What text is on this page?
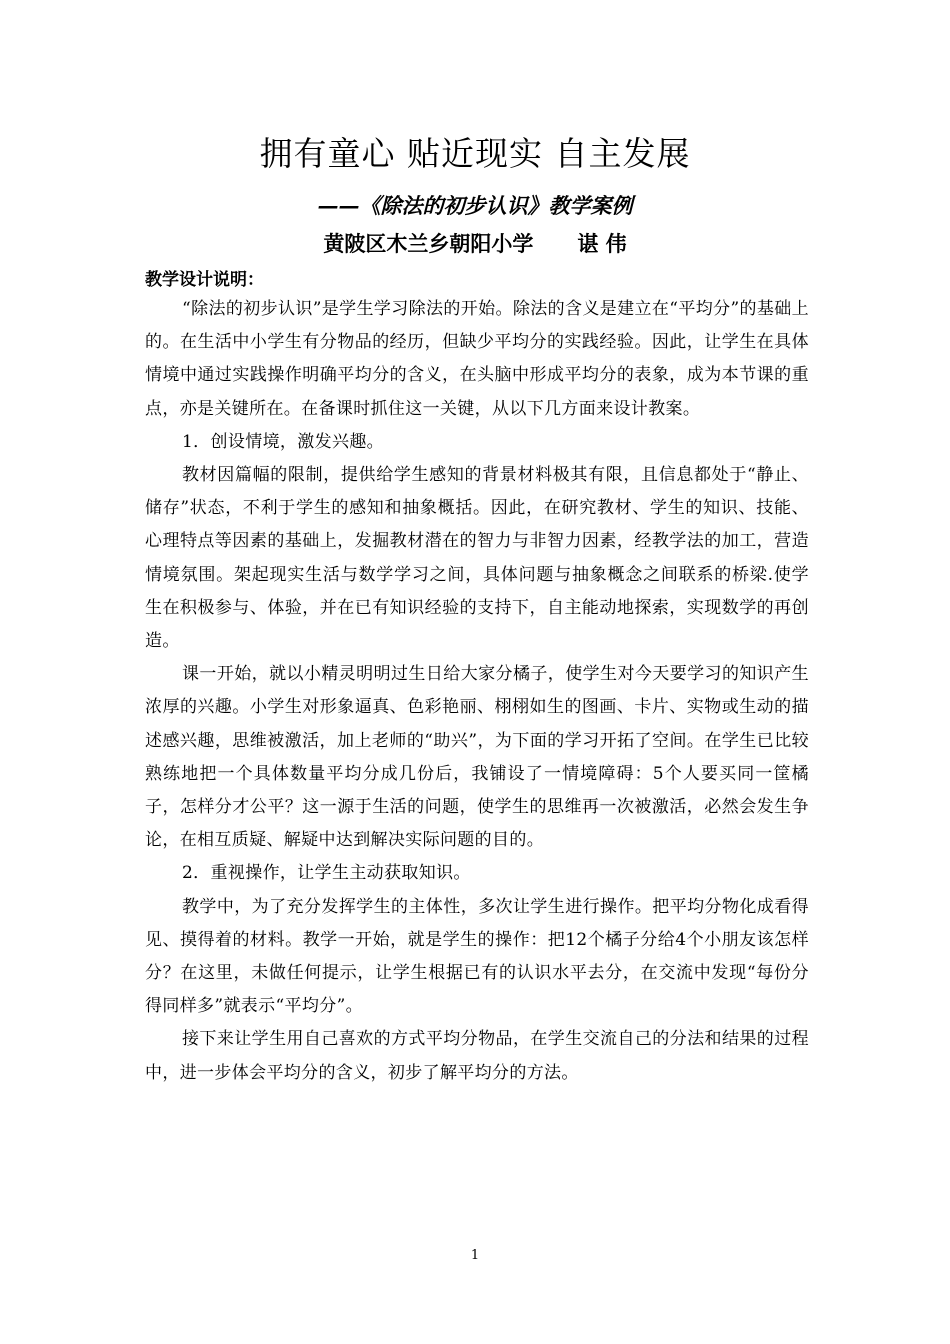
拥有童心 贴近现实 自主发展
——《除法的初步认识》教学案例
黄陂区木兰乡朝阳小学 谌 伟
教学设计说明：

“除法的初步认识”是学生学习除法的开始。除法的含义是建立在“平均分”的基础上的。在生活中小学生有分物品的经历，但缺少平均分的实践经验。因此，让学生在具体情境中通过实践操作明确平均分的含义，在头脑中形成平均分的表象，成为本节课的重点，亦是关键所在。在备课时抓住这一关键，从以下几方面来设计教案。

1．创设情境，激发兴趣。

教材因篇幅的限制，提供给学生感知的背景材料极其有限，且信息都处于“静止、储存”状态，不利于学生的感知和抽象概括。因此，在研究教材、学生的知识、技能、心理特点等因素的基础上，发掘教材潜在的智力与非智力因素，经教学法的加工，营造情境氛围。架起现实生活与数学学习之间，具体问题与抽象概念之间联系的桥梁.使学生在积极参与、体验，并在已有知识经验的支持下，自主能动地探索，实现数学的再创造。

课一开始，就以小精灵明明过生日给大家分橘子，使学生对今天要学习的知识产生浓厚的兴趣。小学生对形象逼真、色彩艳丽、栩栩如生的图画、卡片、实物或生动的描述感兴趣，思维被激活，加上老师的“助兴”，为下面的学习开拓了空间。在学生已比较熟练地把一个具体数量平均分成几份后，我铺设了一情境障碍：5个人要买同一筐橘子，怎样分才公平？这一源于生活的问题，使学生的思维再一次被激活，必然会发生争论，在相互质疑、解疑中达到解决实际问题的目的。

2．重视操作，让学生主动获取知识。

教学中，为了充分发挥学生的主体性，多次让学生进行操作。把平均分物化成看得见、摸得着的材料。教学一开始，就是学生的操作：把12个橘子分给4个小朋友该怎样分？在这里，未做任何提示，让学生根据已有的认识水平去分，在交流中发现“每份分得同样多”就表示“平均分”。

接下来让学生用自己喜欢的方式平均分物品，在学生交流自己的分法和结果的过程中，进一步体会平均分的含义，初步了解平均分的方法。

1
